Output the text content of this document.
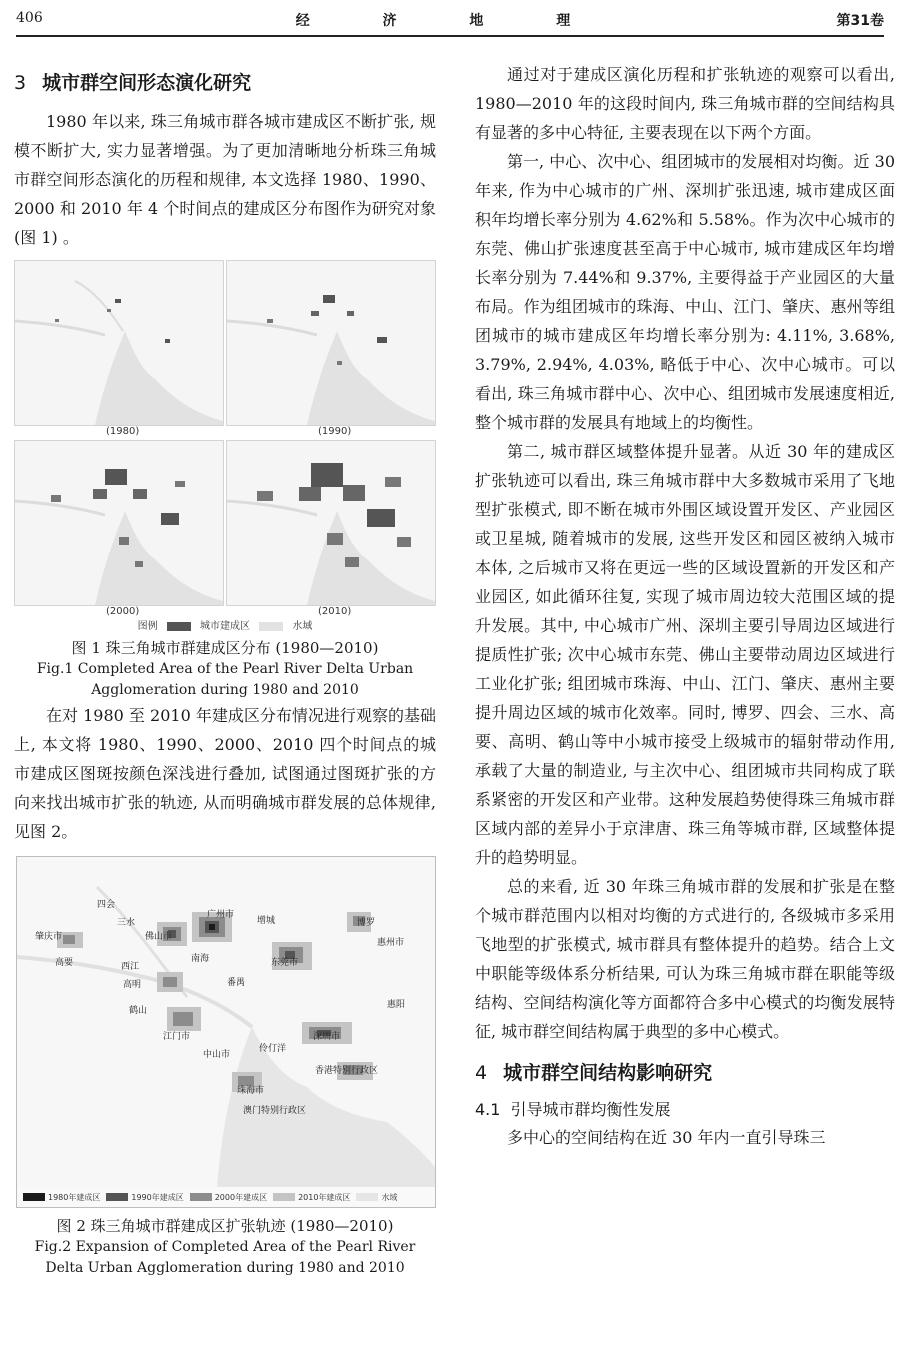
406	经 济 地 理	第31卷
3 城市群空间形态演化研究

1980 年以来, 珠三角城市群各城市建成区不断扩张, 规模不断扩大, 实力显著增强。为了更加清晰地分析珠三角城市群空间形态演化的历程和规律, 本文选择 1980、1990、2000 和 2010 年 4 个时间点的建成区分布图作为研究对象 (图 1) 。

(1980)	(1990)
(2000)	(2010)
图例	城市建成区	水域

图 1 珠三角城市群建成区分布 (1980—2010)

Fig.1 Completed Area of the Pearl River Delta Urban

Agglomeration during 1980 and 2010

在对 1980 至 2010 年建成区分布情况进行观察的基础上, 本文将 1980、1990、2000、2010 四个时间点的城市建成区图斑按颜色深浅进行叠加, 试图通过图斑扩张的方向来找出城市扩张的轨迹, 从而明确城市群发展的总体规律, 见图 2。

四会
三水
广州市
增城	博罗
肇庆市	佛山市
惠州市
高要	西江
南海	东莞市
高明	番禺
鹤山
惠阳
江门市
中山市
伶仃洋
深圳市
香港特别行政区
珠海市
澳门特别行政区
1980年建成区	1990年建成区	2000年建成区	2010年建成区	水域

图 2 珠三角城市群建成区扩张轨迹 (1980—2010)

Fig.2 Expansion of Completed Area of the Pearl River

Delta Urban Agglomeration during 1980 and 2010

通过对于建成区演化历程和扩张轨迹的观察可以看出, 1980—2010 年的这段时间内, 珠三角城市群的空间结构具有显著的多中心特征, 主要表现在以下两个方面。

第一, 中心、次中心、组团城市的发展相对均衡。近 30 年来, 作为中心城市的广州、深圳扩张迅速, 城市建成区面积年均增长率分别为 4.62%和 5.58%。作为次中心城市的东莞、佛山扩张速度甚至高于中心城市, 城市建成区年均增长率分别为 7.44%和 9.37%, 主要得益于产业园区的大量布局。作为组团城市的珠海、中山、江门、肇庆、惠州等组团城市的城市建成区年均增长率分别为: 4.11%, 3.68%, 3.79%, 2.94%, 4.03%, 略低于中心、次中心城市。可以看出, 珠三角城市群中心、次中心、组团城市发展速度相近, 整个城市群的发展具有地域上的均衡性。

第二, 城市群区域整体提升显著。从近 30 年的建成区扩张轨迹可以看出, 珠三角城市群中大多数城市采用了飞地型扩张模式, 即不断在城市外围区域设置开发区、产业园区或卫星城, 随着城市的发展, 这些开发区和园区被纳入城市本体, 之后城市又将在更远一些的区域设置新的开发区和产业园区, 如此循环往复, 实现了城市周边较大范围区域的提升发展。其中, 中心城市广州、深圳主要引导周边区域进行提质性扩张; 次中心城市东莞、佛山主要带动周边区域进行工业化扩张; 组团城市珠海、中山、江门、肇庆、惠州主要提升周边区域的城市化效率。同时, 博罗、四会、三水、高要、高明、鹤山等中小城市接受上级城市的辐射带动作用, 承载了大量的制造业, 与主次中心、组团城市共同构成了联系紧密的开发区和产业带。这种发展趋势使得珠三角城市群区域内部的差异小于京津唐、珠三角等城市群, 区域整体提升的趋势明显。

总的来看, 近 30 年珠三角城市群的发展和扩张是在整个城市群范围内以相对均衡的方式进行的, 各级城市多采用飞地型的扩张模式, 城市群具有整体提升的趋势。结合上文中职能等级体系分析结果, 可认为珠三角城市群在职能等级结构、空间结构演化等方面都符合多中心模式的均衡发展特征, 城市群空间结构属于典型的多中心模式。

4 城市群空间结构影响研究
4.1 引导城市群均衡性发展

多中心的空间结构在近 30 年内一直引导珠三
